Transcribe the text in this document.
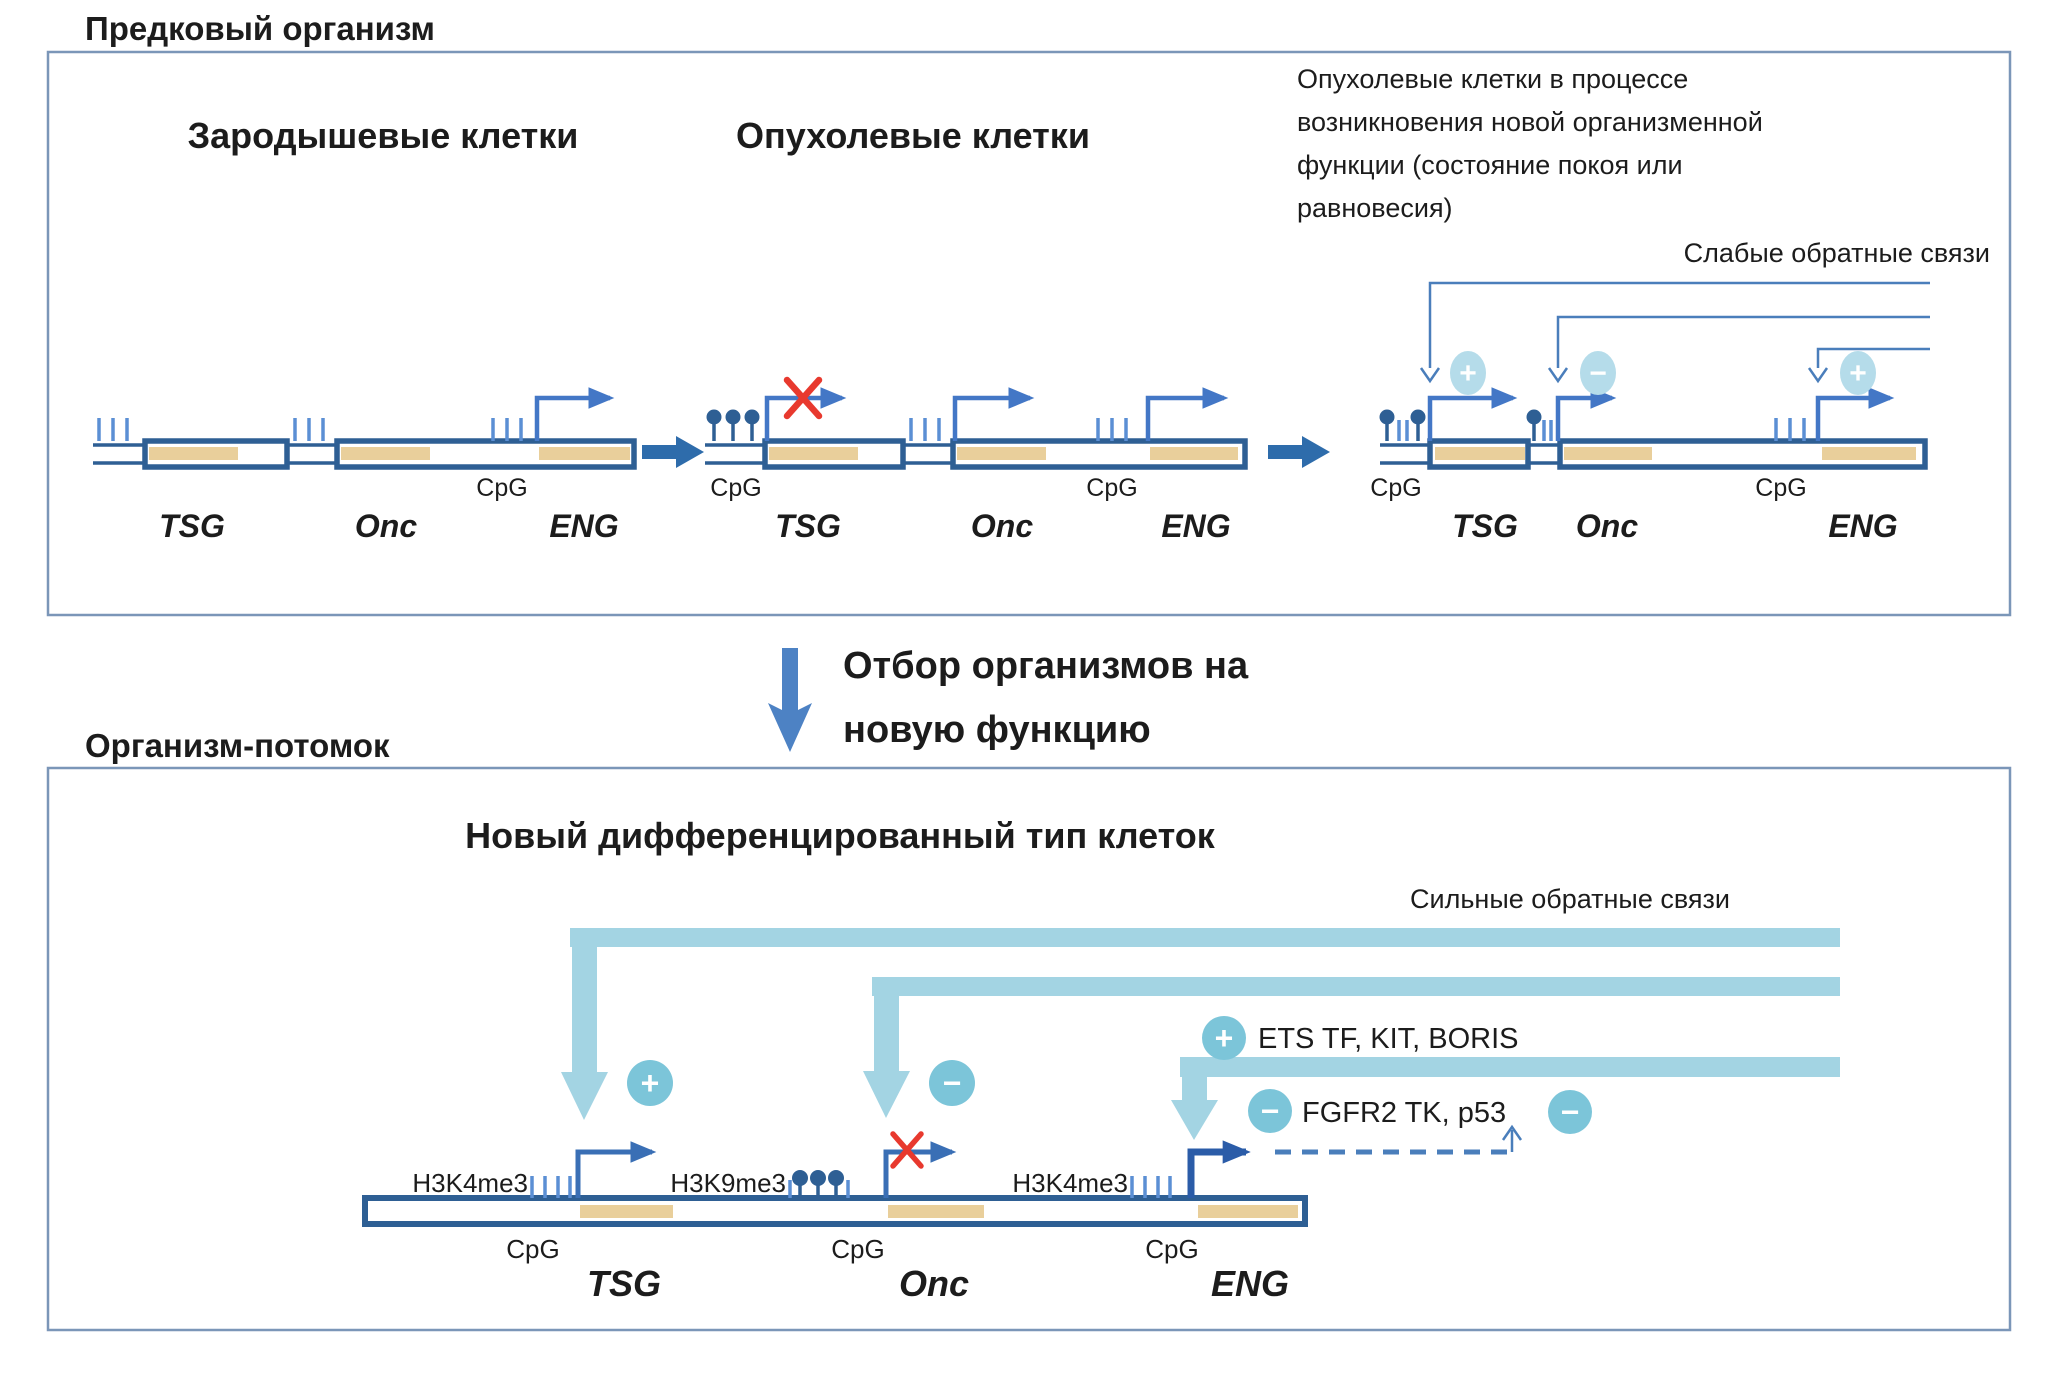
Предковый организм
Зародышевые клетки	Опухолевые клетки
Опухолевые клетки в процессе
возникновения новой организменной
функции (состояние покоя или
равновесия)
Слабые обратные связи
CpG
TSG	Onc	ENG
CpG	CpG
TSG	Onc	ENG
+	−	+
CpG	CpG
TSG Onc	ENG
Отбор организмов на
новую функцию
Организм-потомок
Новый дифференцированный тип клеток
Сильные обратные связи
+	−
+ ETS TF, KIT, BORIS
− FGFR2 TK, p53 −
H3K4me3	H3K9me3	H3K4me3
CpG	CpG	CpG
TSG	Onc	ENG
